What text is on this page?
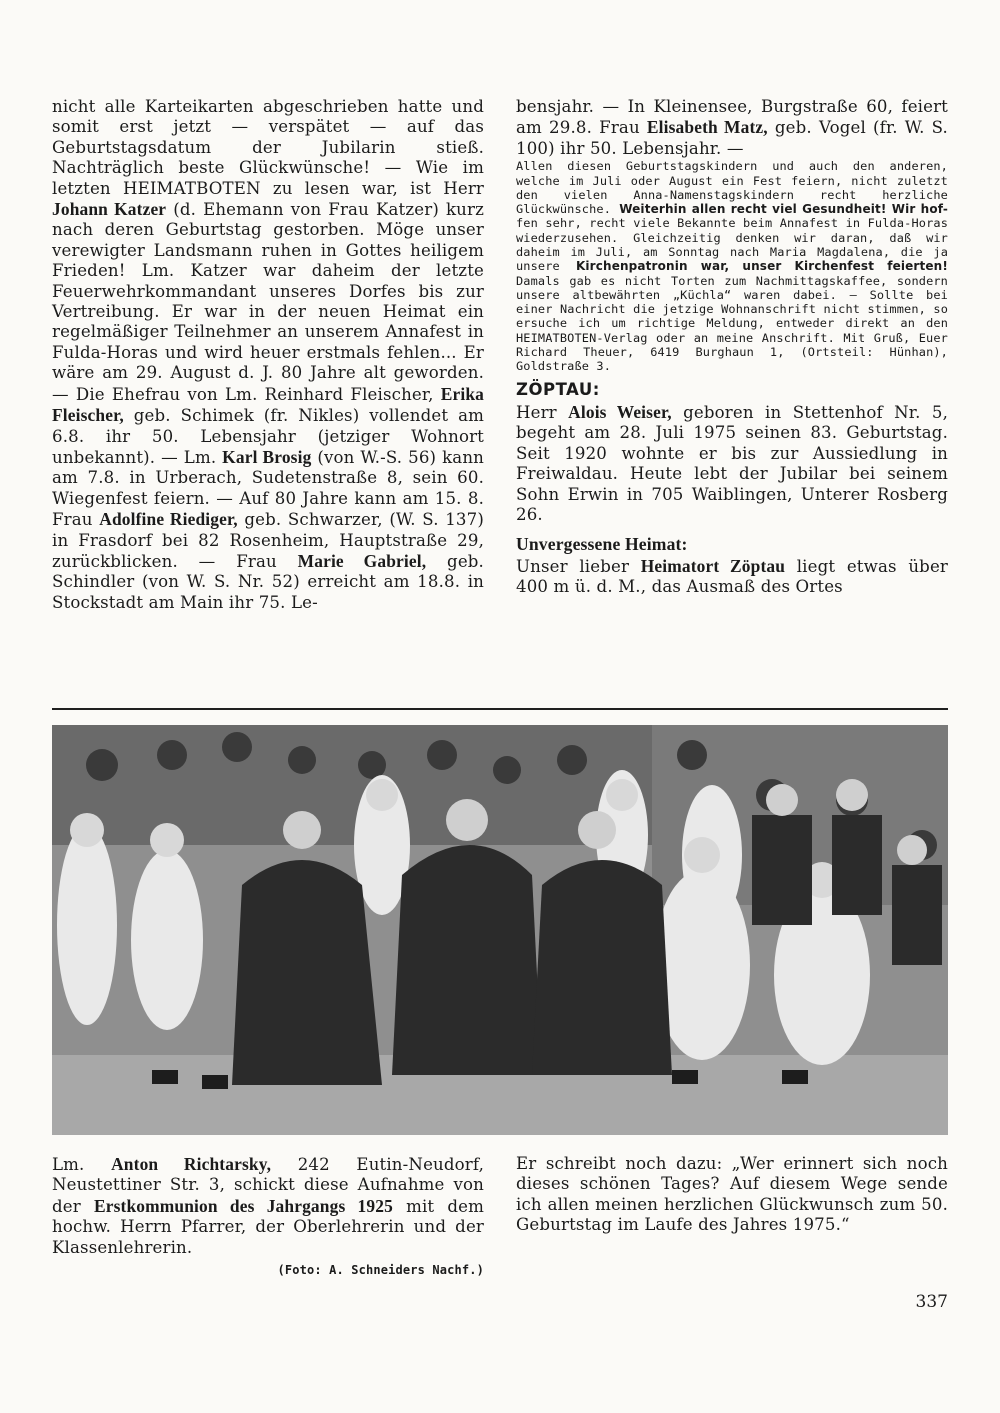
nicht alle Karteikarten abgeschrieben hatte und somit erst jetzt — verspätet — auf das Geburtstagsdatum der Jubilarin stieß. Nachträglich beste Glückwünsche! — Wie im letzten HEIMATBOTEN zu lesen war, ist Herr Johann Katzer (d. Ehemann von Frau Katzer) kurz nach deren Geburtstag gestorben. Möge unser verewigter Landsmann ruhen in Gottes heiligem Frieden! Lm. Katzer war daheim der letzte Feuerwehrkommandant unseres Dorfes bis zur Vertreibung. Er war in der neuen Heimat ein regelmäßiger Teilnehmer an unserem Annafest in Fulda-Horas und wird heuer erstmals fehlen... Er wäre am 29. August d. J. 80 Jahre alt geworden. — Die Ehefrau von Lm. Reinhard Fleischer, Erika Fleischer, geb. Schimek (fr. Nikles) vollendet am 6.8. ihr 50. Lebensjahr (jetziger Wohnort unbekannt). — Lm. Karl Brosig (von W.-S. 56) kann am 7.8. in Urberach, Sudetenstraße 8, sein 60. Wiegenfest feiern. — Auf 80 Jahre kann am 15. 8. Frau Adolfine Riediger, geb. Schwarzer, (W. S. 137) in Frasdorf bei 82 Rosenheim, Hauptstraße 29, zurückblicken. — Frau Marie Gabriel, geb. Schindler (von W. S. Nr. 52) erreicht am 18.8. in Stockstadt am Main ihr 75. Le-

bensjahr. — In Kleinensee, Burgstraße 60, feiert am 29.8. Frau Elisabeth Matz, geb. Vogel (fr. W. S. 100) ihr 50. Lebensjahr. —

Allen diesen Geburtstagskindern und auch den anderen, welche im Juli oder August ein Fest feiern, nicht zuletzt den vielen Anna-Namenstagskindern recht herzliche Glückwünsche. Weiterhin allen recht viel Gesundheit! Wir hof- fen sehr, recht viele Bekannte beim Annafest in Fulda-Horas wiederzusehen. Gleichzeitig denken wir daran, daß wir daheim im Juli, am Sonntag nach Maria Magdalena, die ja unsere Kirchenpatronin war, unser Kirchenfest feierten! Damals gab es nicht Torten zum Nachmittagskaffee, sondern unsere altbewährten „Küchla“ waren dabei. — Sollte bei einer Nachricht die jetzige Wohnanschrift nicht stimmen, so ersuche ich um richtige Meldung, entweder direkt an den HEIMATBOTEN-Verlag oder an meine Anschrift. Mit Gruß, Euer Richard Theuer, 6419 Burghaun 1, (Ortsteil: Hünhan), Goldstraße 3.

ZÖPTAU:

Herr Alois Weiser, geboren in Stettenhof Nr. 5, begeht am 28. Juli 1975 seinen 83. Geburtstag. Seit 1920 wohnte er bis zur Aussiedlung in Freiwaldau. Heute lebt der Jubilar bei seinem Sohn Erwin in 705 Waiblingen, Unterer Rosberg 26.

Unvergessene Heimat:

Unser lieber Heimatort Zöptau liegt etwas über 400 m ü. d. M., das Ausmaß des Ortes

Lm. Anton Richtarsky, 242 Eutin-Neudorf, Neustettiner Str. 3, schickt diese Aufnahme von der Erstkommunion des Jahrgangs 1925 mit dem hochw. Herrn Pfarrer, der Oberlehrerin und der Klassenlehrerin.

(Foto: A. Schneiders Nachf.)

Er schreibt noch dazu: „Wer erinnert sich noch dieses schönen Tages? Auf diesem Wege sende ich allen meinen herzlichen Glückwunsch zum 50. Geburtstag im Laufe des Jahres 1975.“

337
